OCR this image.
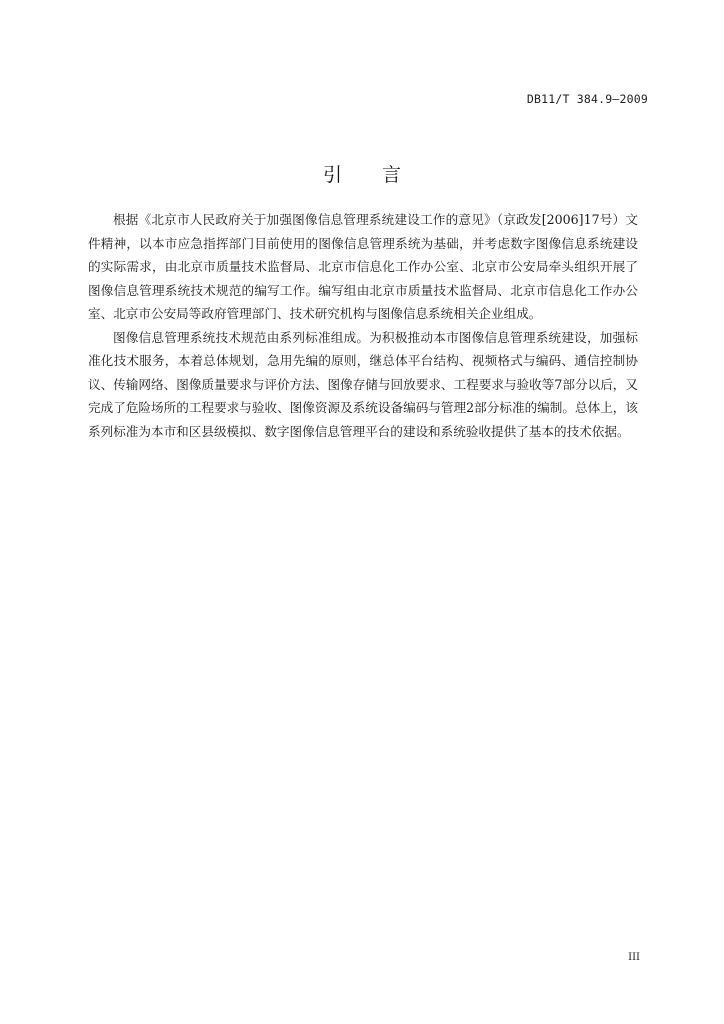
DB11/T 384.9—2009
引 言

根据《北京市人民政府关于加强图像信息管理系统建设工作的意见》（京政发[2006]17号）文件精神，以本市应急指挥部门目前使用的图像信息管理系统为基础，并考虑数字图像信息系统建设的实际需求，由北京市质量技术监督局、北京市信息化工作办公室、北京市公安局牵头组织开展了图像信息管理系统技术规范的编写工作。编写组由北京市质量技术监督局、北京市信息化工作办公室、北京市公安局等政府管理部门、技术研究机构与图像信息系统相关企业组成。

图像信息管理系统技术规范由系列标准组成。为积极推动本市图像信息管理系统建设，加强标准化技术服务，本着总体规划，急用先编的原则，继总体平台结构、视频格式与编码、通信控制协议、传输网络、图像质量要求与评价方法、图像存储与回放要求、工程要求与验收等7部分以后，又完成了危险场所的工程要求与验收、图像资源及系统设备编码与管理2部分标准的编制。总体上，该系列标准为本市和区县级模拟、数字图像信息管理平台的建设和系统验收提供了基本的技术依据。

III
